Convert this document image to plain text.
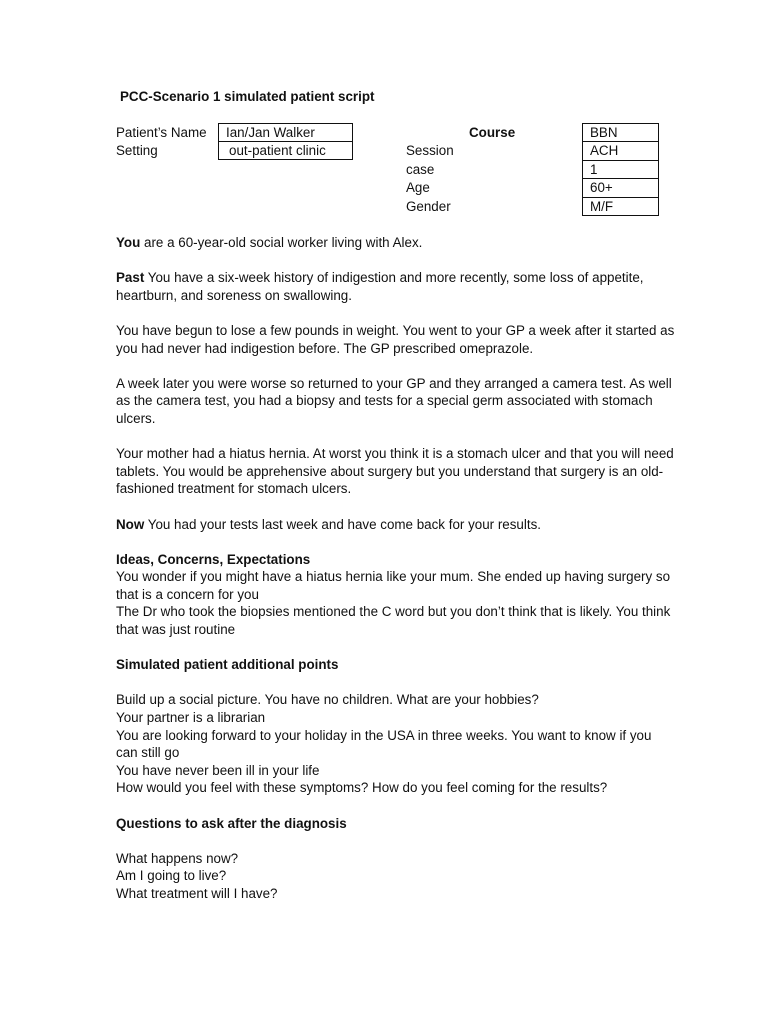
PCC-Scenario 1 simulated patient script
Patient’s Name
Setting
Ian/Jan Walker
out-patient clinic
Course
Session
case
Age
Gender
BBN
ACH
1
60+
M/F

You are a 60-year-old social worker living with Alex.

Past You have a six-week history of indigestion and more recently, some loss of appetite, heartburn, and soreness on swallowing.

You have begun to lose a few pounds in weight. You went to your GP a week after it started as you had never had indigestion before. The GP prescribed omeprazole.

A week later you were worse so returned to your GP and they arranged a camera test. As well as the camera test, you had a biopsy and tests for a special germ associated with stomach ulcers.

Your mother had a hiatus hernia. At worst you think it is a stomach ulcer and that you will need tablets. You would be apprehensive about surgery but you understand that surgery is an old-fashioned treatment for stomach ulcers.

Now You had your tests last week and have come back for your results.

Ideas, Concerns, Expectations

You wonder if you might have a hiatus hernia like your mum. She ended up having surgery so that is a concern for you

The Dr who took the biopsies mentioned the C word but you don’t think that is likely. You think that was just routine

Simulated patient additional points

Build up a social picture. You have no children. What are your hobbies?

Your partner is a librarian

You are looking forward to your holiday in the USA in three weeks. You want to know if you can still go

You have never been ill in your life

How would you feel with these symptoms? How do you feel coming for the results?

Questions to ask after the diagnosis

What happens now?

Am I going to live?

What treatment will I have?
